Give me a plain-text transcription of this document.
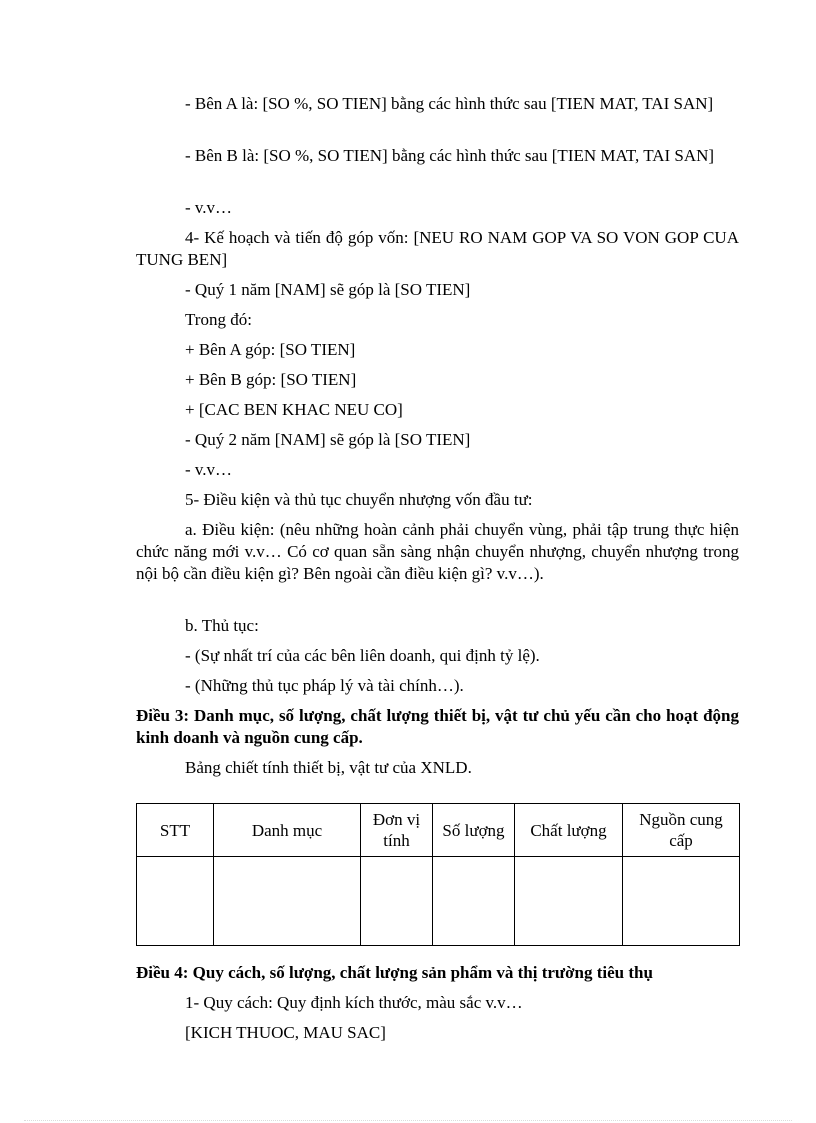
- Bên A là: [SO %, SO TIEN] bằng các hình thức sau [TIEN MAT, TAI SAN]

- Bên B là: [SO %, SO TIEN] bằng các hình thức sau [TIEN MAT, TAI SAN]

- v.v…

4- Kế hoạch và tiến độ góp vốn: [NEU RO NAM GOP VA SO VON GOP CUA TUNG BEN]

- Quý 1 năm [NAM] sẽ góp là [SO TIEN]

Trong đó:

+ Bên A góp: [SO TIEN]

+ Bên B góp: [SO TIEN]

+ [CAC BEN KHAC NEU CO]

- Quý 2 năm [NAM] sẽ góp là [SO TIEN]

- v.v…

5- Điều kiện và thủ tục chuyển nhượng vốn đầu tư:

a. Điều kiện: (nêu những hoàn cảnh phải chuyển vùng, phải tập trung thực hiện chức năng mới v.v… Có cơ quan sẵn sàng nhận chuyển nhượng, chuyển nhượng trong nội bộ cần điều kiện gì? Bên ngoài cần điều kiện gì? v.v…).

b. Thủ tục:

- (Sự nhất trí của các bên liên doanh, qui định tỷ lệ).

- (Những thủ tục pháp lý và tài chính…).

Điều 3: Danh mục, số lượng, chất lượng thiết bị, vật tư chủ yếu cần cho hoạt động kinh doanh và nguồn cung cấp.

Bảng chiết tính thiết bị, vật tư của XNLD.

STT	Danh mục	Đơn vị tính	Số lượng	Chất lượng	Nguồn cung cấp

Điều 4: Quy cách, số lượng, chất lượng sản phẩm và thị trường tiêu thụ

1- Quy cách: Quy định kích thước, màu sắc v.v…

[KICH THUOC, MAU SAC]
